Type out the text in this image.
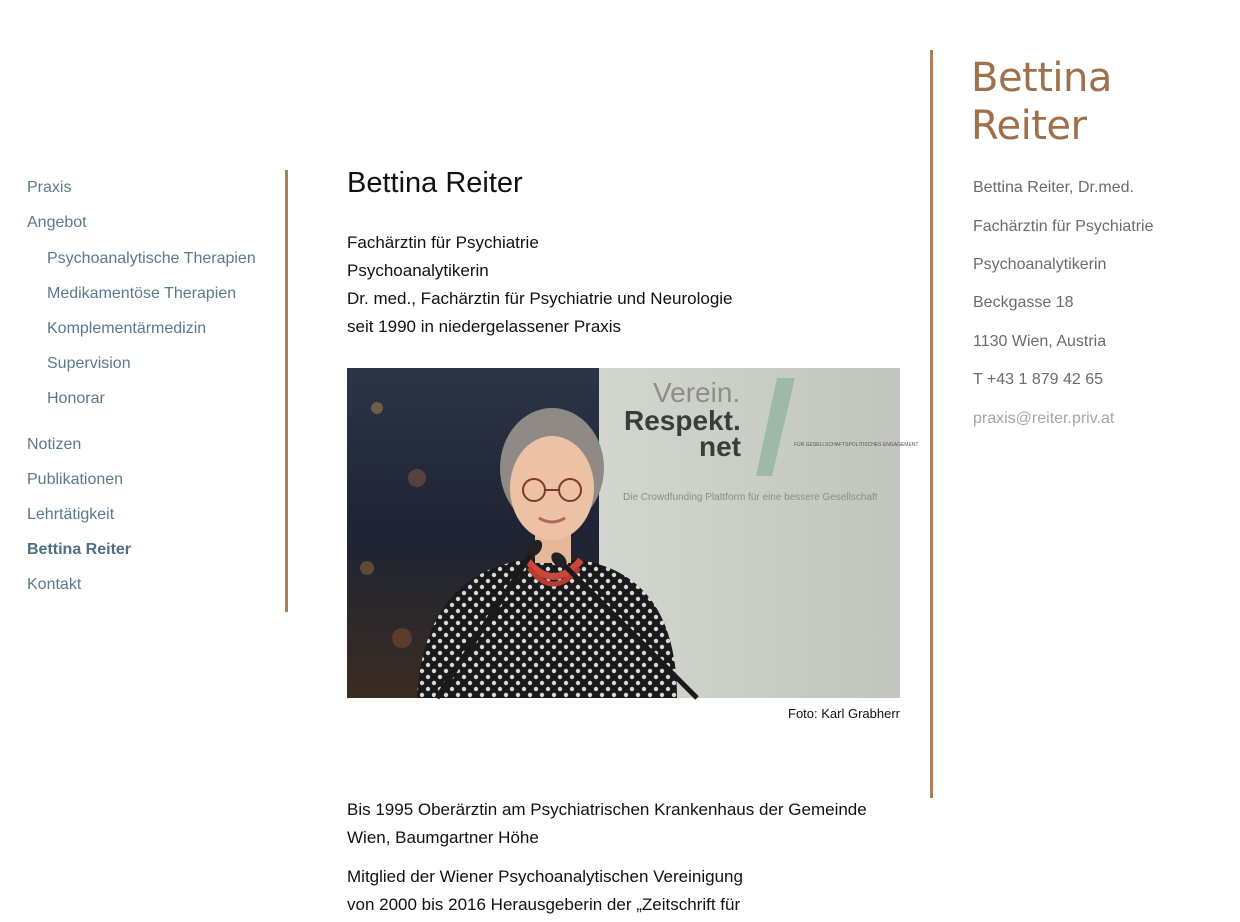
Praxis
Angebot
Psychoanalytische Therapien
Medikamentöse Therapien
Komplementärmedizin
Supervision
Honorar
Notizen
Publikationen
Lehrtätigkeit
Bettina Reiter
Kontakt
Bettina Reiter
Fachärztin für Psychiatrie
Psychoanalytikerin
Dr. med., Fachärztin für Psychiatrie und Neurologie
seit 1990 in niedergelassener Praxis
Verein.
Respekt.
net	FÜR GESELLSCHAFTSPOLITISCHES ENGAGEMENT
Die Crowdfunding Plattform für eine bessere Gesellschaft
Foto: Karl Grabherr

Bis 1995 Oberärztin am Psychiatrischen Krankenhaus der Gemeinde Wien, Baumgartner Höhe

Mitglied der Wiener Psychoanalytischen Vereinigung
von 2000 bis 2016 Herausgeberin der „Zeitschrift für
Bettina
Reiter
Bettina Reiter, Dr.med.
Fachärztin für Psychiatrie
Psychoanalytikerin
Beckgasse 18
1130 Wien, Austria
T +43 1 879 42 65
praxis@reiter.priv.at
